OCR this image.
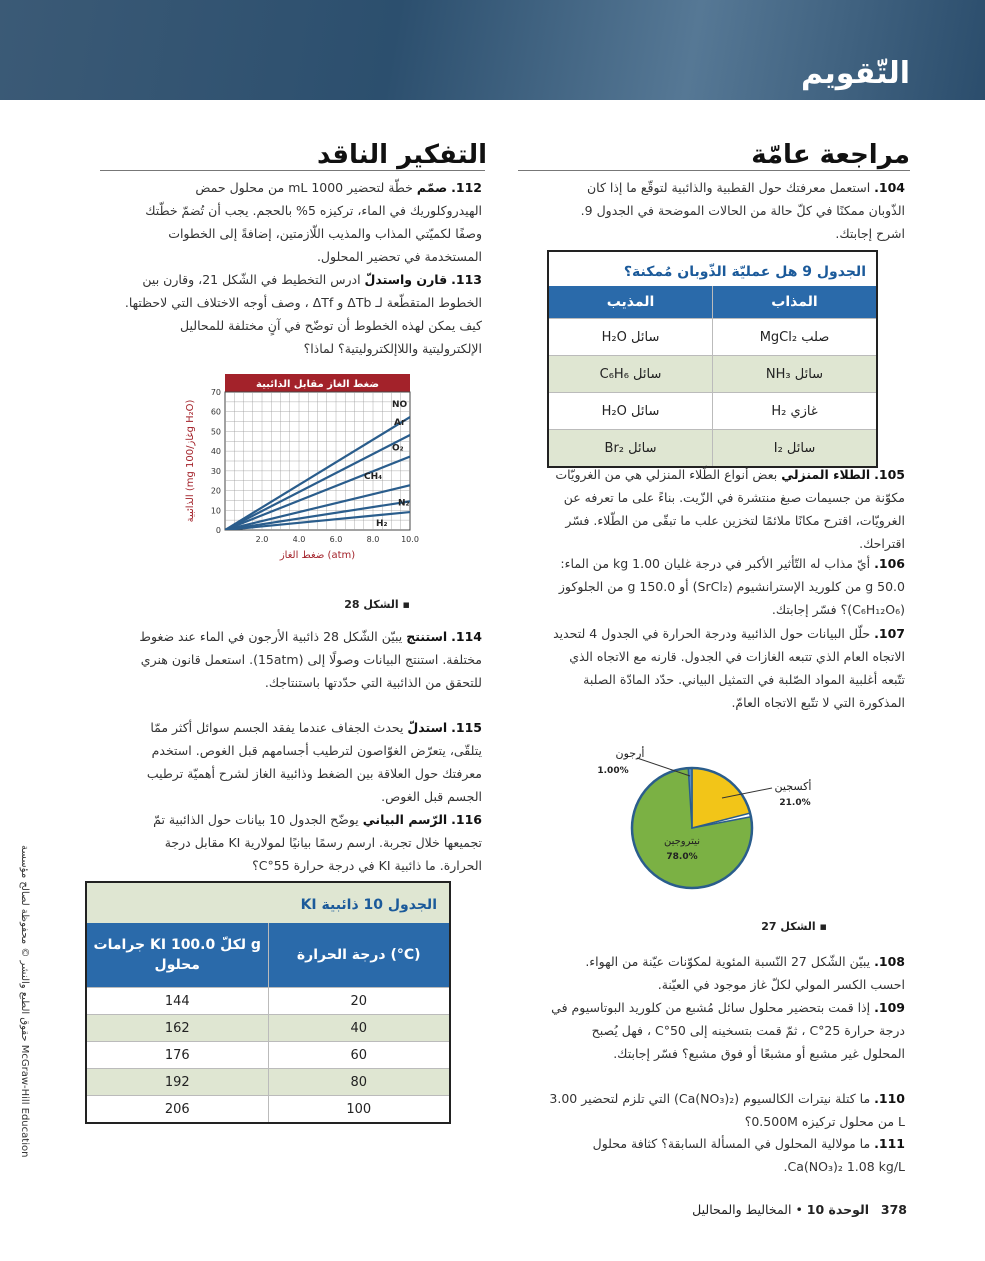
التّقويم
مراجعة عامّة
التفكير الناقد
104. استعمل معرفتك حول القطبية والذائبية لتوقّع ما إذا كان الذّوبان ممكنًا في كلّ حالة من الحالات الموضحة في الجدول 9. اشرح إجابتك.
الجدول 9 هل عمليّة الذّوبان مُمكنة؟
المذيب	المذاب
H₂O سائل	MgCl₂ صلب
C₆H₆ سائل	NH₃ سائل
H₂O سائل	H₂ غازي
Br₂ سائل	I₂ سائل
105. الطلاء المنزلي بعض أنواع الطّلاء المنزلي هي من الغرويّات مكوّنة من جسيمات صبغ منتشرة في الزّيت. بناءً على ما تعرفه عن الغرويّات، اقترح مكانًا ملائمًا لتخزين علب ما تبقّى من الطّلاء. فسّر اقتراحك.
106. أيّ مذاب له التّأثير الأكبر في درجة غليان 1.00 kg من الماء: 50.0 g من كلوريد الإسترانشيوم (SrCl₂) أو 150.0 g من الجلوكوز (C₆H₁₂O₆)؟ فسّر إجابتك.
107. حلّل البيانات حول الذائبية ودرجة الحرارة في الجدول 4 لتحديد الاتجاه العام الذي تتبعه الغازات في الجدول. قارنه مع الاتجاه الذي تتّبعه أغلبية المواد الصّلبة في التمثيل البياني. حدّد المادّة الصلبة المذكورة التي لا تتّبع الاتجاه العامّ.
أرجون
1.00%
أكسجين
21.0%
نيتروجين
78.0%
▪ الشكل 27
108. يبيّن الشّكل 27 النّسبة المئوية لمكوّنات عيّنة من الهواء. احسب الكسر المولي لكلّ غاز موجود في العيّنة.
109. إذا قمت بتحضير محلول سائل مُشبع من كلوريد البوتاسيوم في درجة حرارة 25°C ، ثمّ قمت بتسخينه إلى 50°C ، فهل يُصبح المحلول غير مشبع أو مشبعًا أو فوق مشبع؟ فسّر إجابتك.
110. ما كتلة نيترات الكالسيوم (Ca(NO₃)₂) التي تلزم لتحضير 3.00 L من محلول تركيزه 0.500M؟
111. ما مولالية المحلول في المسألة السابقة؟ كثافة محلول Ca(NO₃)₂ 1.08 kg/L.
112. صمّم خطّة لتحضير 1000 mL من محلول حمض الهيدروكلوريك في الماء، تركيزه 5% بالحجم. يجب أن تُضمّ خطّتك وصفًا لكميّتي المذاب والمذيب اللّازمتين، إضافةً إلى الخطوات المستخدمة في تحضير المحلول.
113. قارن واستدلّ ادرس التخطيط في الشّكل 21، وقارن بين الخطوط المتقطّعة لـ ΔTb و ΔTf ، وصف أوجه الاختلاف التي لاحظتها. كيف يمكن لهذه الخطوط أن توضّح في آنٍ مختلفة للمحاليل الإلكتروليتية واللاإلكتروليتية؟ لماذا؟
ضغط الغاز مقابل الذائبية
0
10
20
30
40
50
60
70
2.0	4.0	6.0	8.0	10.0
ضغط الغاز (atm)
الذائبية (mg غاز/100g H₂O)	NO
Ar
O₂
CH₄
N₂
H₂
▪ الشكل 28
114. استنتج يبيّن الشّكل 28 ذائبية الأرجون في الماء عند ضغوط مختلفة. استنتج البيانات وصولًا إلى (15atm). استعمل قانون هنري للتحقق من الذائبية التي حدّدتها باستنتاجك.
115. استدلّ يحدث الجفاف عندما يفقد الجسم سوائل أكثر ممّا يتلقّى، يتعرّض الغوّاصون لترطيب أجسامهم قبل الغوص. استخدم معرفتك حول العلاقة بين الضغط وذائبية الغاز لشرح أهميّة ترطيب الجسم قبل الغوص.
116. الرّسم البياني يوضّح الجدول 10 بيانات حول الذائبية تمّ تجميعها خلال تجربة. ارسم رسمًا بيانيًا لمولارية KI مقابل درجة الحرارة. ما ذائبية KI في درجة حرارة 55°C؟
الجدول 10 ذائبية KI
جرامات KI لكلّ 100.0 g محلول	درجة الحرارة (°C)
144	20
162	40
176	60
192	80
206	100
حقوق الطبع والنشر © محفوظة لصالح مؤسسة McGraw-Hill Education
378   الوحدة 10 • المخاليط والمحاليل
